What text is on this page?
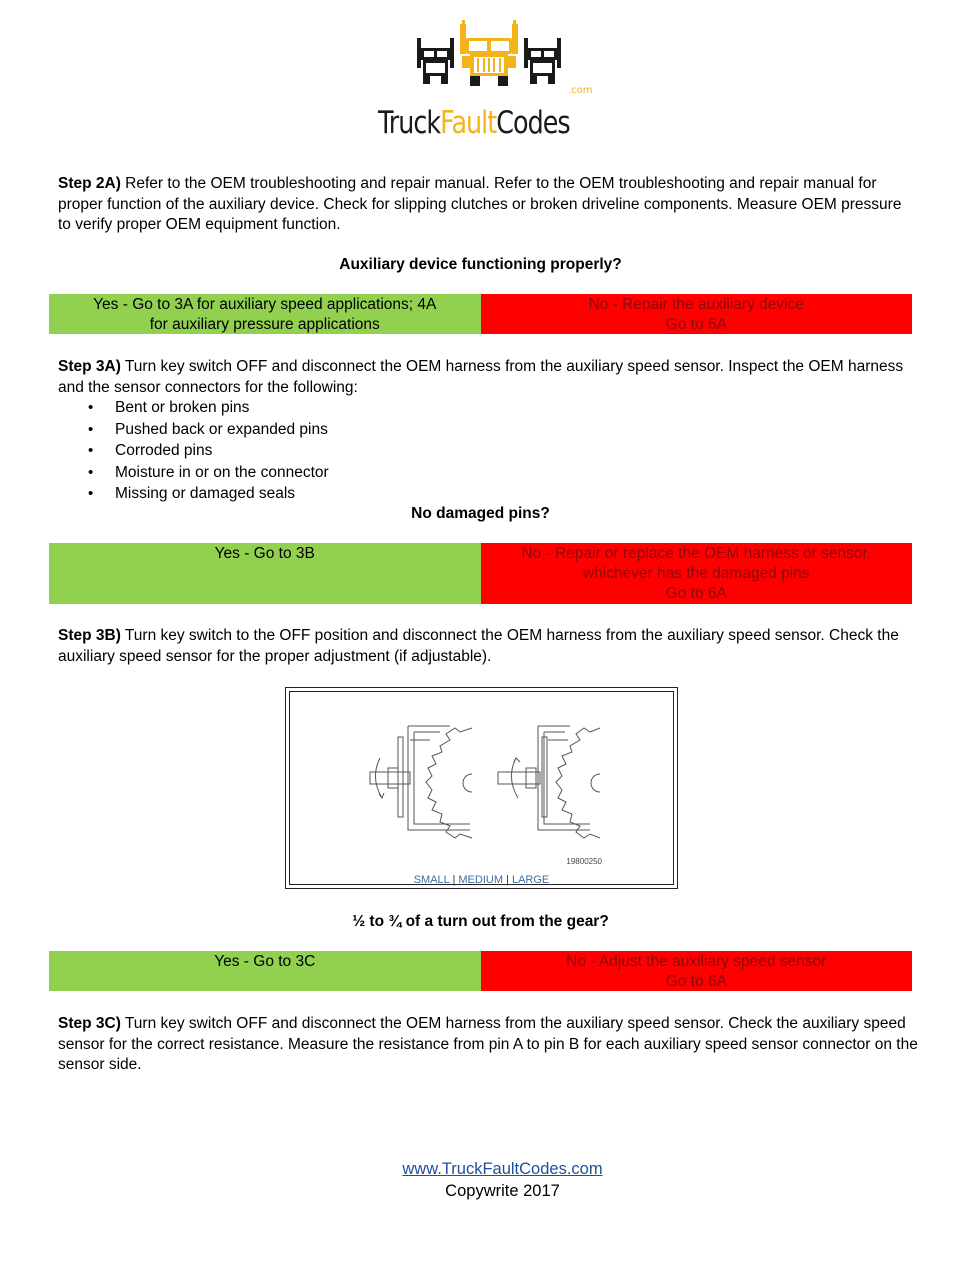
TruckFaultCodes
.com
Step 2A) Refer to the OEM troubleshooting and repair manual. Refer to the OEM troubleshooting and repair manual for proper function of the auxiliary device. Check for slipping clutches or broken driveline components. Measure OEM pressure to verify proper OEM equipment function.
Auxiliary device functioning properly?
Yes - Go to 3A for auxiliary speed applications; 4A
for auxiliary pressure applications
No - Repair the auxiliary device
Go to 6A
Step 3A) Turn key switch OFF and disconnect the OEM harness from the auxiliary speed sensor. Inspect the OEM harness and the sensor connectors for the following:
• Bent or broken pins
• Pushed back or expanded pins
• Corroded pins
• Moisture in or on the connector
• Missing or damaged seals
No damaged pins?
Yes - Go to 3B	No - Repair or replace the OEM harness or sensor,
whichever has the damaged pins
Go to 6A
Step 3B) Turn key switch to the OFF position and disconnect the OEM harness from the auxiliary speed sensor. Check the auxiliary speed sensor for the proper adjustment (if adjustable).
19800250
SMALL | MEDIUM | LARGE
½ to ¾ of a turn out from the gear?
Yes - Go to 3C	No - Adjust the auxiliary speed sensor
Go to 6A
Step 3C) Turn key switch OFF and disconnect the OEM harness from the auxiliary speed sensor. Check the auxiliary speed sensor for the correct resistance. Measure the resistance from pin A to pin B for each auxiliary speed sensor connector on the sensor side.
www.TruckFaultCodes.com
Copywrite 2017
